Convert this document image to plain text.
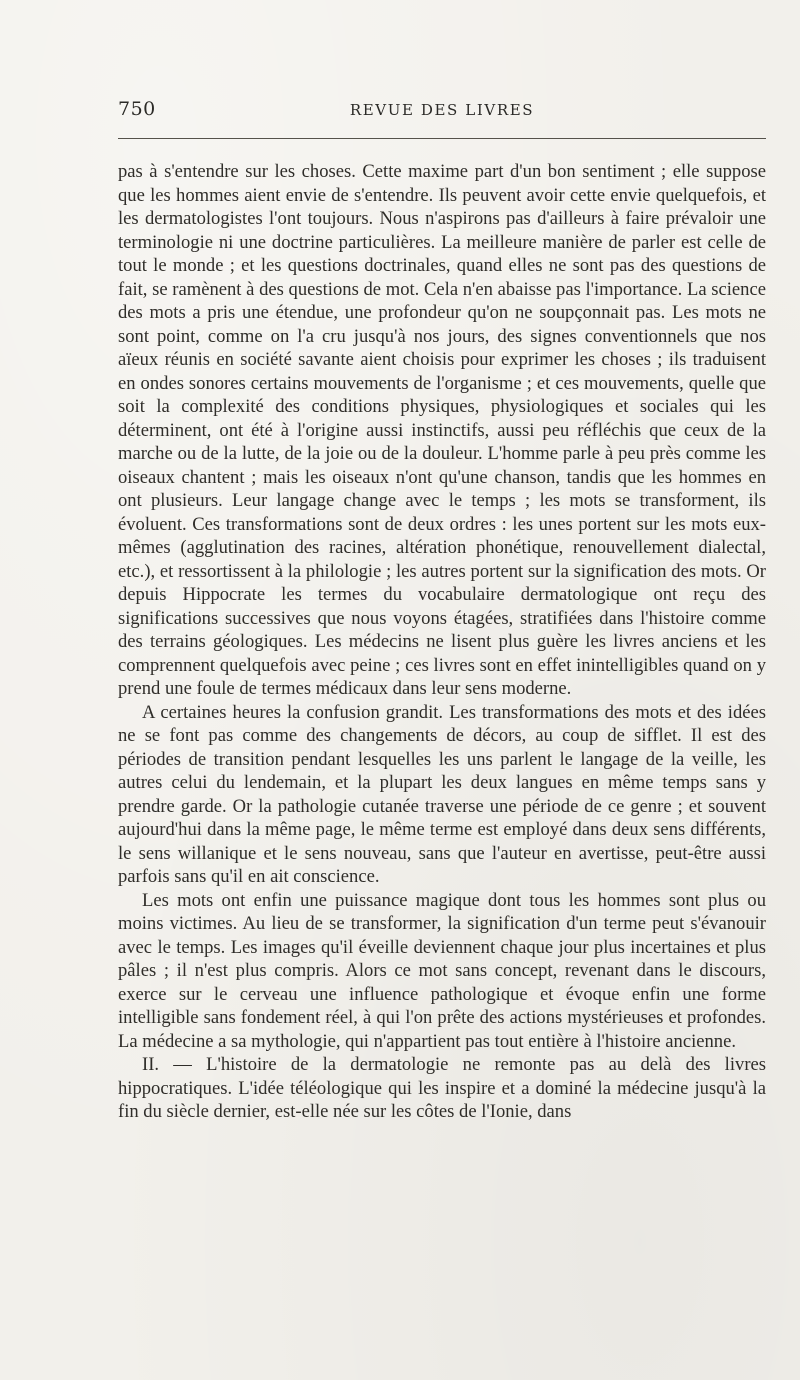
750	REVUE DES LIVRES

pas à s'entendre sur les choses. Cette maxime part d'un bon sentiment ; elle suppose que les hommes aient envie de s'entendre. Ils peuvent avoir cette envie quelquefois, et les dermatologistes l'ont toujours. Nous n'aspirons pas d'ailleurs à faire prévaloir une terminologie ni une doctrine particulières. La meilleure manière de parler est celle de tout le monde ; et les questions doctrinales, quand elles ne sont pas des questions de fait, se ramènent à des questions de mot. Cela n'en abaisse pas l'importance. La science des mots a pris une étendue, une profondeur qu'on ne soupçonnait pas. Les mots ne sont point, comme on l'a cru jusqu'à nos jours, des signes conventionnels que nos aïeux réunis en société savante aient choisis pour exprimer les choses ; ils traduisent en ondes sonores certains mouvements de l'organisme ; et ces mouvements, quelle que soit la complexité des conditions physiques, physiologiques et sociales qui les déterminent, ont été à l'origine aussi instinctifs, aussi peu réfléchis que ceux de la marche ou de la lutte, de la joie ou de la douleur. L'homme parle à peu près comme les oiseaux chantent ; mais les oiseaux n'ont qu'une chanson, tandis que les hommes en ont plusieurs. Leur langage change avec le temps ; les mots se transforment, ils évoluent. Ces transformations sont de deux ordres : les unes portent sur les mots eux-mêmes (agglutination des racines, altération phonétique, renouvellement dialectal, etc.), et ressortissent à la philologie ; les autres portent sur la signification des mots. Or depuis Hippocrate les termes du vocabulaire dermatologique ont reçu des significations successives que nous voyons étagées, stratifiées dans l'histoire comme des terrains géologiques. Les médecins ne lisent plus guère les livres anciens et les comprennent quelquefois avec peine ; ces livres sont en effet inintelligibles quand on y prend une foule de termes médicaux dans leur sens moderne.

A certaines heures la confusion grandit. Les transformations des mots et des idées ne se font pas comme des changements de décors, au coup de sifflet. Il est des périodes de transition pendant lesquelles les uns parlent le langage de la veille, les autres celui du lendemain, et la plupart les deux langues en même temps sans y prendre garde. Or la pathologie cutanée traverse une période de ce genre ; et souvent aujourd'hui dans la même page, le même terme est employé dans deux sens différents, le sens willanique et le sens nouveau, sans que l'auteur en avertisse, peut-être aussi parfois sans qu'il en ait conscience.

Les mots ont enfin une puissance magique dont tous les hommes sont plus ou moins victimes. Au lieu de se transformer, la signification d'un terme peut s'évanouir avec le temps. Les images qu'il éveille deviennent chaque jour plus incertaines et plus pâles ; il n'est plus compris. Alors ce mot sans concept, revenant dans le discours, exerce sur le cerveau une influence pathologique et évoque enfin une forme intelligible sans fondement réel, à qui l'on prête des actions mystérieuses et profondes. La médecine a sa mythologie, qui n'appartient pas tout entière à l'histoire ancienne.

II. — L'histoire de la dermatologie ne remonte pas au delà des livres hippocratiques. L'idée téléologique qui les inspire et a dominé la médecine jusqu'à la fin du siècle dernier, est-elle née sur les côtes de l'Ionie, dans
